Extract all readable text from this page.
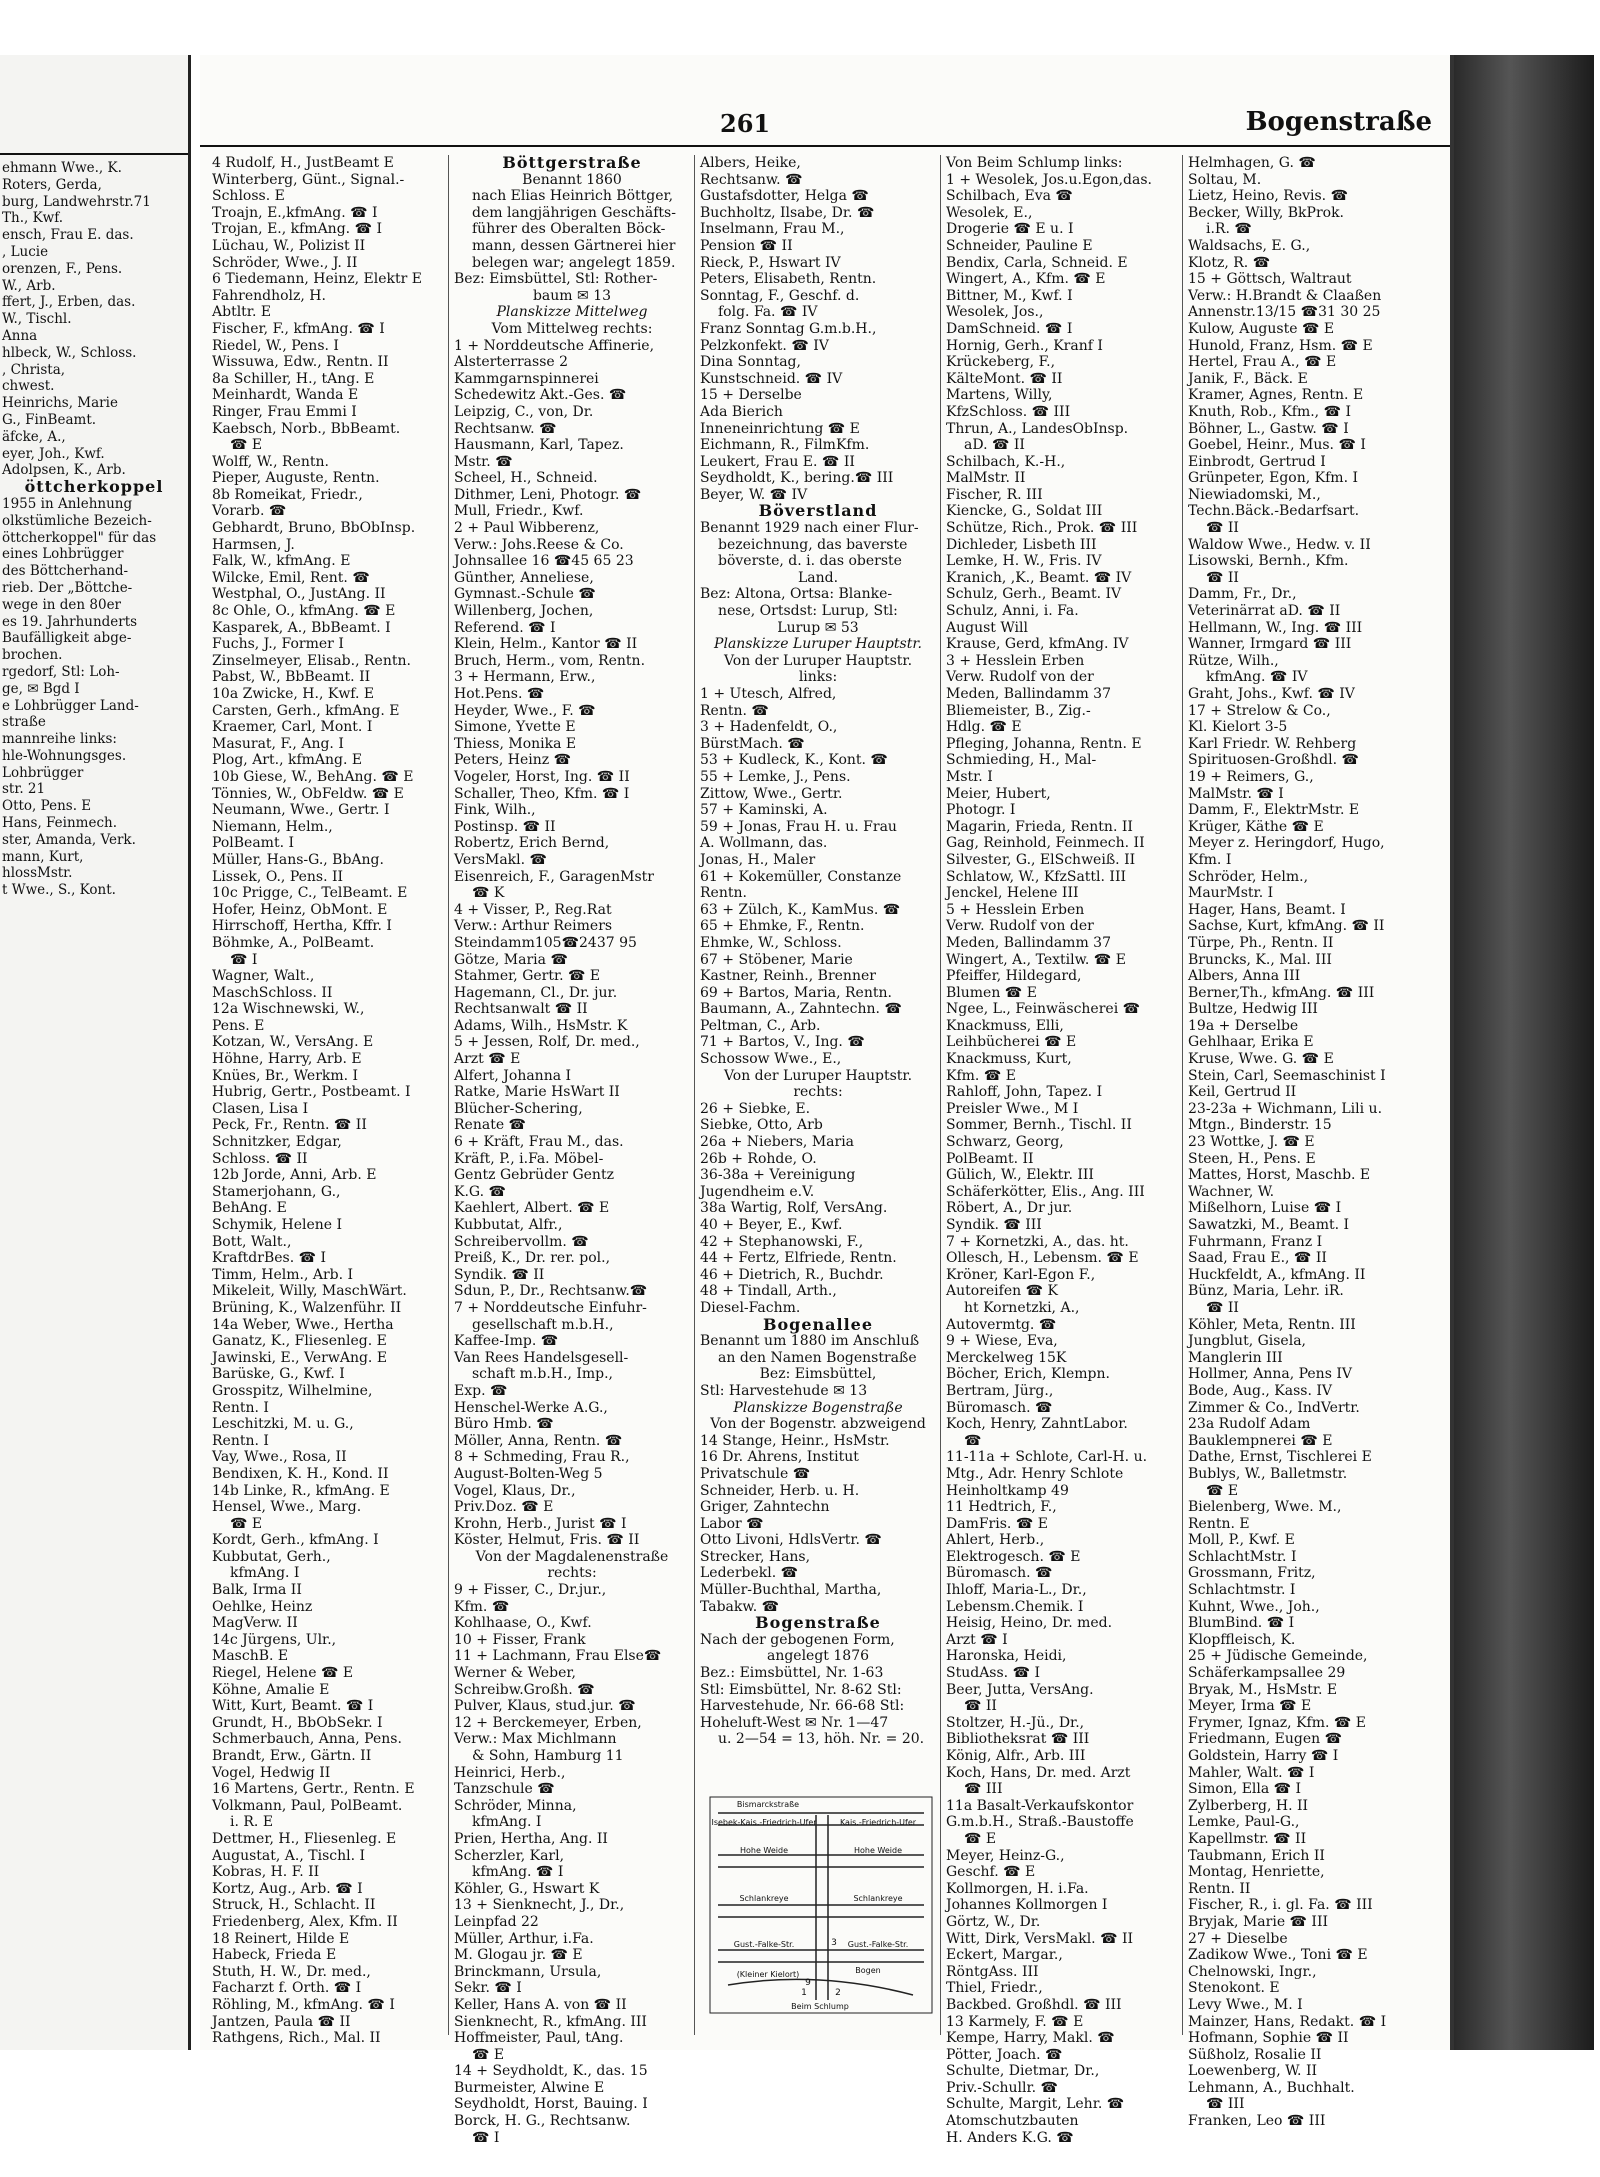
ehmann Wwe., K.

Roters, Gerda,

burg, Landwehrstr.71

Th., Kwf.

ensch, Frau E. das.

, Lucie

orenzen, F., Pens.

W., Arb.

ffert, J., Erben, das.

W., Tischl.

Anna

hlbeck, W., Schloss.

, Christa,

chwest.

Heinrichs, Marie

G., FinBeamt.

äfcke, A.,

eyer, Joh., Kwf.

Adolpsen, K., Arb.

öttcherkoppel

1955 in Anlehnung

olkstümliche Bezeich-

öttcherkoppel" für das

eines Lohbrügger

des Böttcherhand-

rieb. Der „Böttche-

wege in den 80er

es 19. Jahrhunderts

Baufälligkeit abge-

brochen.

rgedorf, Stl: Loh-

ge, ✉ Bgd I

e Lohbrügger Land-

straße

mannreihe links:

hle-Wohnungsges.

Lohbrügger

str. 21

Otto, Pens. E

Hans, Feinmech.

ster, Amanda, Verk.

mann, Kurt,

hlossMstr.

t Wwe., S., Kont.

261	Bogenstraße

4 Rudolf, H., JustBeamt E

Winterberg, Günt., Signal.-

Schloss. E

Troajn, E.,kfmAng. ☎ I

Trojan, E., kfmAng. ☎ I

Lüchau, W., Polizist II

Schröder, Wwe., J. II

6 Tiedemann, Heinz, Elektr E

Fahrendholz, H.

Abtltr. E

Fischer, F., kfmAng. ☎ I

Riedel, W., Pens. I

Wissuwa, Edw., Rentn. II

8a Schiller, H., tAng. E

Meinhardt, Wanda E

Ringer, Frau Emmi I

Kaebsch, Norb., BbBeamt.

☎ E

Wolff, W., Rentn.

Pieper, Auguste, Rentn.

8b Romeikat, Friedr.,

Vorarb. ☎

Gebhardt, Bruno, BbObInsp.

Harmsen, J.

Falk, W., kfmAng. E

Wilcke, Emil, Rent. ☎

Westphal, O., JustAng. II

8c Ohle, O., kfmAng. ☎ E

Kasparek, A., BbBeamt. I

Fuchs, J., Former I

Zinselmeyer, Elisab., Rentn.

Pabst, W., BbBeamt. II

10a Zwicke, H., Kwf. E

Carsten, Gerh., kfmAng. E

Kraemer, Carl, Mont. I

Masurat, F., Ang. I

Plog, Art., kfmAng. E

10b Giese, W., BehAng. ☎ E

Tönnies, W., ObFeldw. ☎ E

Neumann, Wwe., Gertr. I

Niemann, Helm.,

PolBeamt. I

Müller, Hans-G., BbAng.

Lissek, O., Pens. II

10c Prigge, C., TelBeamt. E

Hofer, Heinz, ObMont. E

Hirrschoff, Hertha, Kffr. I

Böhmke, A., PolBeamt.

☎ I

Wagner, Walt.,

MaschSchloss. II

12a Wischnewski, W.,

Pens. E

Kotzan, W., VersAng. E

Höhne, Harry, Arb. E

Knües, Br., Werkm. I

Hubrig, Gertr., Postbeamt. I

Clasen, Lisa I

Peck, Fr., Rentn. ☎ II

Schnitzker, Edgar,

Schloss. ☎ II

12b Jorde, Anni, Arb. E

Stamerjohann, G.,

BehAng. E

Schymik, Helene I

Bott, Walt.,

KraftdrBes. ☎ I

Timm, Helm., Arb. I

Mikeleit, Willy, MaschWärt.

Brüning, K., Walzenführ. II

14a Weber, Wwe., Hertha

Ganatz, K., Fliesenleg. E

Jawinski, E., VerwAng. E

Barüske, G., Kwf. I

Grosspitz, Wilhelmine,

Rentn. I

Leschitzki, M. u. G.,

Rentn. I

Vay, Wwe., Rosa, II

Bendixen, K. H., Kond. II

14b Linke, R., kfmAng. E

Hensel, Wwe., Marg.

☎ E

Kordt, Gerh., kfmAng. I

Kubbutat, Gerh.,

kfmAng. I

Balk, Irma II

Oehlke, Heinz

MagVerw. II

14c Jürgens, Ulr.,

MaschB. E

Riegel, Helene ☎ E

Köhne, Amalie E

Witt, Kurt, Beamt. ☎ I

Grundt, H., BbObSekr. I

Schmerbauch, Anna, Pens.

Brandt, Erw., Gärtn. II

Vogel, Hedwig II

16 Martens, Gertr., Rentn. E

Volkmann, Paul, PolBeamt.

i. R. E

Dettmer, H., Fliesenleg. E

Augustat, A., Tischl. I

Kobras, H. F. II

Kortz, Aug., Arb. ☎ I

Struck, H., Schlacht. II

Friedenberg, Alex, Kfm. II

18 Reinert, Hilde E

Habeck, Frieda E

Stuth, H. W., Dr. med.,

Facharzt f. Orth. ☎ I

Röhling, M., kfmAng. ☎ I

Jantzen, Paula ☎ II

Rathgens, Rich., Mal. II

Böttgerstraße

Benannt 1860

nach Elias Heinrich Böttger,

dem langjährigen Geschäfts-

führer des Oberalten Böck-

mann, dessen Gärtnerei hier

belegen war; angelegt 1859.

Bez: Eimsbüttel, Stl: Rother-

baum ✉ 13

Planskizze Mittelweg

Vom Mittelweg rechts:

1 + Norddeutsche Affinerie,

Alsterterrasse 2

Kammgarnspinnerei

Schedewitz Akt.-Ges. ☎

Leipzig, C., von, Dr.

Rechtsanw. ☎

Hausmann, Karl, Tapez.

Mstr. ☎

Scheel, H., Schneid.

Dithmer, Leni, Photogr. ☎

Mull, Friedr., Kwf.

2 + Paul Wibberenz,

Verw.: Johs.Reese & Co.

Johnsallee 16 ☎45 65 23

Günther, Anneliese,

Gymnast.-Schule ☎

Willenberg, Jochen,

Referend. ☎ I

Klein, Helm., Kantor ☎ II

Bruch, Herm., vom, Rentn.

3 + Hermann, Erw.,

Hot.Pens. ☎

Heyder, Wwe., F. ☎

Simone, Yvette E

Thiess, Monika E

Peters, Heinz ☎

Vogeler, Horst, Ing. ☎ II

Schaller, Theo, Kfm. ☎ I

Fink, Wilh.,

Postinsp. ☎ II

Robertz, Erich Bernd,

VersMakl. ☎

Eisenreich, F., GaragenMstr

☎ K

4 + Visser, P., Reg.Rat

Verw.: Arthur Reimers

Steindamm105☎2437 95

Götze, Maria ☎

Stahmer, Gertr. ☎ E

Hagemann, Cl., Dr. jur.

Rechtsanwalt ☎ II

Adams, Wilh., HsMstr. K

5 + Jessen, Rolf, Dr. med.,

Arzt ☎ E

Alfert, Johanna I

Ratke, Marie HsWart II

Blücher-Schering,

Renate ☎

6 + Kräft, Frau M., das.

Kräft, P., i.Fa. Möbel-

Gentz Gebrüder Gentz

K.G. ☎

Kaehlert, Albert. ☎ E

Kubbutat, Alfr.,

Schreibervollm. ☎

Preiß, K., Dr. rer. pol.,

Syndik. ☎ II

Sdun, P., Dr., Rechtsanw.☎

7 + Norddeutsche Einfuhr-

gesellschaft m.b.H.,

Kaffee-Imp. ☎

Van Rees Handelsgesell-

schaft m.b.H., Imp.,

Exp. ☎

Henschel-Werke A.G.,

Büro Hmb. ☎

Möller, Anna, Rentn. ☎

8 + Schmeding, Frau R.,

August-Bolten-Weg 5

Vogel, Klaus, Dr.,

Priv.Doz. ☎ E

Krohn, Herb., Jurist ☎ I

Köster, Helmut, Fris. ☎ II

Von der Magdalenenstraße

rechts:

9 + Fisser, C., Dr.jur.,

Kfm. ☎

Kohlhaase, O., Kwf.

10 + Fisser, Frank

11 + Lachmann, Frau Else☎

Werner & Weber,

Schreibw.Großh. ☎

Pulver, Klaus, stud.jur. ☎

12 + Berckemeyer, Erben,

Verw.: Max Michlmann

& Sohn, Hamburg 11

Heinrici, Herb.,

Tanzschule ☎

Schröder, Minna,

kfmAng. I

Prien, Hertha, Ang. II

Scherzler, Karl,

kfmAng. ☎ I

Köhler, G., Hswart K

13 + Sienknecht, J., Dr.,

Leinpfad 22

Müller, Arthur, i.Fa.

M. Glogau jr. ☎ E

Brinckmann, Ursula,

Sekr. ☎ I

Keller, Hans A. von ☎ II

Sienknecht, R., kfmAng. III

Hoffmeister, Paul, tAng.

☎ E

14 + Seydholdt, K., das. 15

Burmeister, Alwine E

Seydholdt, Horst, Bauing. I

Borck, H. G., Rechtsanw.

☎ I

Albers, Heike,

Rechtsanw. ☎

Gustafsdotter, Helga ☎

Buchholtz, Ilsabe, Dr. ☎

Inselmann, Frau M.,

Pension ☎ II

Rieck, P., Hswart IV

Peters, Elisabeth, Rentn.

Sonntag, F., Geschf. d.

folg. Fa. ☎ IV

Franz Sonntag G.m.b.H.,

Pelzkonfekt. ☎ IV

Dina Sonntag,

Kunstschneid. ☎ IV

15 + Derselbe

Ada Bierich

Inneneinrichtung ☎ E

Eichmann, R., FilmKfm.

Leukert, Frau E. ☎ II

Seydholdt, K., bering.☎ III

Beyer, W. ☎ IV

Böverstland

Benannt 1929 nach einer Flur-

bezeichnung, das baverste

böverste, d. i. das oberste

Land.

Bez: Altona, Ortsa: Blanke-

nese, Ortsdst: Lurup, Stl:

Lurup ✉ 53

Planskizze Luruper Hauptstr.

Von der Luruper Hauptstr.

links:

1 + Utesch, Alfred,

Rentn. ☎

3 + Hadenfeldt, O.,

BürstMach. ☎

53 + Kudleck, K., Kont. ☎

55 + Lemke, J., Pens.

Zittow, Wwe., Gertr.

57 + Kaminski, A.

59 + Jonas, Frau H. u. Frau

A. Wollmann, das.

Jonas, H., Maler

61 + Kokemüller, Constanze

Rentn.

63 + Zülch, K., KamMus. ☎

65 + Ehmke, F., Rentn.

Ehmke, W., Schloss.

67 + Stöbener, Marie

Kastner, Reinh., Brenner

69 + Bartos, Maria, Rentn.

Baumann, A., Zahntechn. ☎

Peltman, C., Arb.

71 + Bartos, V., Ing. ☎

Schossow Wwe., E.,

Von der Luruper Hauptstr.

rechts:

26 + Siebke, E.

Siebke, Otto, Arb

26a + Niebers, Maria

26b + Rohde, O.

36-38a + Vereinigung

Jugendheim e.V.

38a Wartig, Rolf, VersAng.

40 + Beyer, E., Kwf.

42 + Stephanowski, F.,

44 + Fertz, Elfriede, Rentn.

46 + Dietrich, R., Buchdr.

48 + Tindall, Arth.,

Diesel-Fachm.

Bogenallee

Benannt um 1880 im Anschluß

an den Namen Bogenstraße

Bez: Eimsbüttel,

Stl: Harvestehude ✉ 13

Planskizze Bogenstraße

Von der Bogenstr. abzweigend

14 Stange, Heinr., HsMstr.

16 Dr. Ahrens, Institut

Privatschule ☎

Schneider, Herb. u. H.

Griger, Zahntechn

Labor ☎

Otto Livoni, HdlsVertr. ☎

Strecker, Hans,

Lederbekl. ☎

Müller-Buchthal, Martha,

Tabakw. ☎

Bogenstraße

Nach der gebogenen Form,

angelegt 1876

Bez.: Eimsbüttel, Nr. 1-63

Stl: Eimsbüttel, Nr. 8-62 Stl:

Harvestehude, Nr. 66-68 Stl:

Hoheluft-West ✉ Nr. 1—47

u. 2—54 = 13, höh. Nr. = 20.

Von Beim Schlump links:

1 + Wesolek, Jos.u.Egon,das.

Schilbach, Eva ☎

Wesolek, E.,

Drogerie ☎ E u. I

Schneider, Pauline E

Bendix, Carla, Schneid. E

Wingert, A., Kfm. ☎ E

Bittner, M., Kwf. I

Wesolek, Jos.,

DamSchneid. ☎ I

Hornig, Gerh., Kranf I

Krückeberg, F.,

KälteMont. ☎ II

Martens, Willy,

KfzSchloss. ☎ III

Thrun, A., LandesObInsp.

aD. ☎ II

Schilbach, K.-H.,

MalMstr. II

Fischer, R. III

Kiencke, G., Soldat III

Schütze, Rich., Prok. ☎ III

Dichleder, Lisbeth III

Lemke, H. W., Fris. IV

Kranich, ,K., Beamt. ☎ IV

Schulz, Gerh., Beamt. IV

Schulz, Anni, i. Fa.

August Will

Krause, Gerd, kfmAng. IV

3 + Hesslein Erben

Verw. Rudolf von der

Meden, Ballindamm 37

Bliemeister, B., Zig.-

Hdlg. ☎ E

Pfleging, Johanna, Rentn. E

Schmieding, H., Mal-

Mstr. I

Meier, Hubert,

Photogr. I

Magarin, Frieda, Rentn. II

Gag, Reinhold, Feinmech. II

Silvester, G., ElSchweiß. II

Schlatow, W., KfzSattl. III

Jenckel, Helene III

5 + Hesslein Erben

Verw. Rudolf von der

Meden, Ballindamm 37

Wingert, A., Textilw. ☎ E

Pfeiffer, Hildegard,

Blumen ☎ E

Ngee, L., Feinwäscherei ☎

Knackmuss, Elli,

Leihbücherei ☎ E

Knackmuss, Kurt,

Kfm. ☎ E

Rahloff, John, Tapez. I

Preisler Wwe., M I

Sommer, Bernh., Tischl. II

Schwarz, Georg,

PolBeamt. II

Gülich, W., Elektr. III

Schäferkötter, Elis., Ang. III

Röbert, A., Dr jur.

Syndik. ☎ III

7 + Kornetzki, A., das. ht.

Ollesch, H., Lebensm. ☎ E

Kröner, Karl-Egon F.,

Autoreifen ☎ K

ht Kornetzki, A.,

Autovermtg. ☎

9 + Wiese, Eva,

Merckelweg 15K

Böcher, Erich, Klempn.

Bertram, Jürg.,

Büromasch. ☎

Koch, Henry, ZahntLabor.

☎

11-11a + Schlote, Carl-H. u.

Mtg., Adr. Henry Schlote

Heinholtkamp 49

11 Hedtrich, F.,

DamFris. ☎ E

Ahlert, Herb.,

Elektrogesch. ☎ E

Büromasch. ☎

Ihloff, Maria-L., Dr.,

Lebensm.Chemik. I

Heisig, Heino, Dr. med.

Arzt ☎ I

Haronska, Heidi,

StudAss. ☎ I

Beer, Jutta, VersAng.

☎ II

Stoltzer, H.-Jü., Dr.,

Bibliotheksrat ☎ III

König, Alfr., Arb. III

Koch, Hans, Dr. med. Arzt

☎ III

11a Basalt-Verkaufskontor

G.m.b.H., Straß.-Baustoffe

☎ E

Meyer, Heinz-G.,

Geschf. ☎ E

Kollmorgen, H. i.Fa.

Johannes Kollmorgen I

Görtz, W., Dr.

Witt, Dirk, VersMakl. ☎ II

Eckert, Margar.,

RöntgAss. III

Thiel, Friedr.,

Backbed. Großhdl. ☎ III

13 Karmely, F. ☎ E

Kempe, Harry, Makl. ☎

Pötter, Joach. ☎

Schulte, Dietmar, Dr.,

Priv.-Schullr. ☎

Schulte, Margit, Lehr. ☎

Atomschutzbauten

H. Anders K.G. ☎

Helmhagen, G. ☎

Soltau, M.

Lietz, Heino, Revis. ☎

Becker, Willy, BkProk.

i.R. ☎

Waldsachs, E. G.,

Klotz, R. ☎

15 + Göttsch, Waltraut

Verw.: H.Brandt & Claaßen

Annenstr.13/15 ☎31 30 25

Kulow, Auguste ☎ E

Hunold, Franz, Hsm. ☎ E

Hertel, Frau A., ☎ E

Janik, F., Bäck. E

Kramer, Agnes, Rentn. E

Knuth, Rob., Kfm., ☎ I

Böhner, L., Gastw. ☎ I

Goebel, Heinr., Mus. ☎ I

Einbrodt, Gertrud I

Grünpeter, Egon, Kfm. I

Niewiadomski, M.,

Techn.Bäck.-Bedarfsart.

☎ II

Waldow Wwe., Hedw. v. II

Lisowski, Bernh., Kfm.

☎ II

Damm, Fr., Dr.,

Veterinärrat aD. ☎ II

Hellmann, W., Ing. ☎ III

Wanner, Irmgard ☎ III

Rütze, Wilh.,

kfmAng. ☎ IV

Graht, Johs., Kwf. ☎ IV

17 + Strelow & Co.,

Kl. Kielort 3-5

Karl Friedr. W. Rehberg

Spirituosen-Großhdl. ☎

19 + Reimers, G.,

MalMstr. ☎ I

Damm, F., ElektrMstr. E

Krüger, Käthe ☎ E

Meyer z. Heringdorf, Hugo,

Kfm. I

Schröder, Helm.,

MaurMstr. I

Hager, Hans, Beamt. I

Sachse, Kurt, kfmAng. ☎ II

Türpe, Ph., Rentn. II

Bruncks, K., Mal. III

Albers, Anna III

Berner,Th., kfmAng. ☎ III

Bultze, Hedwig III

19a + Derselbe

Gehlhaar, Erika E

Kruse, Wwe. G. ☎ E

Stein, Carl, Seemaschinist I

Keil, Gertrud II

23-23a + Wichmann, Lili u.

Mtgn., Binderstr. 15

23 Wottke, J. ☎ E

Steen, H., Pens. E

Mattes, Horst, Maschb. E

Wachner, W.

Mißelhorn, Luise ☎ I

Sawatzki, M., Beamt. I

Fuhrmann, Franz I

Saad, Frau E., ☎ II

Huckfeldt, A., kfmAng. II

Bünz, Maria, Lehr. iR.

☎ II

Köhler, Meta, Rentn. III

Jungblut, Gisela,

Manglerin III

Hollmer, Anna, Pens IV

Bode, Aug., Kass. IV

Zimmer & Co., IndVertr.

23a Rudolf Adam

Bauklempnerei ☎ E

Dathe, Ernst, Tischlerei E

Bublys, W., Balletmstr.

☎ E

Bielenberg, Wwe. M.,

Rentn. E

Moll, P., Kwf. E

SchlachtMstr. I

Grossmann, Fritz,

Schlachtmstr. I

Kuhnt, Wwe., Joh.,

BlumBind. ☎ I

Klopffleisch, K.

25 + Jüdische Gemeinde,

Schäferkampsallee 29

Bryak, M., HsMstr. E

Meyer, Irma ☎ E

Frymer, Ignaz, Kfm. ☎ E

Friedmann, Eugen ☎

Goldstein, Harry ☎ I

Mahler, Walt. ☎ I

Simon, Ella ☎ I

Zylberberg, H. II

Lemke, Paul-G.,

Kapellmstr. ☎ II

Taubmann, Erich II

Montag, Henriette,

Rentn. II

Fischer, R., i. gl. Fa. ☎ III

Bryjak, Marie ☎ III

27 + Dieselbe

Zadikow Wwe., Toni ☎ E

Chelnowski, Ingr.,

Stenokont. E

Levy Wwe., M. I

Mainzer, Hans, Redakt. ☎ I

Hofmann, Sophie ☎ II

Süßholz, Rosalie II

Loewenberg, W. II

Lehmann, A., Buchhalt.

☎ III

Franken, Leo ☎ III

Bismarckstraße
Isebek-Kais.-Friedrich-Ufer	Kais.-Friedrich-Ufer
Hohe Weide	Hohe Weide
Schlankreye	Schlankreye
Gust.-Falke-Str.	Gust.-Falke-Str.
Bogen
(Kleiner Kielort)
Beim Schlump
1	2
9
3
